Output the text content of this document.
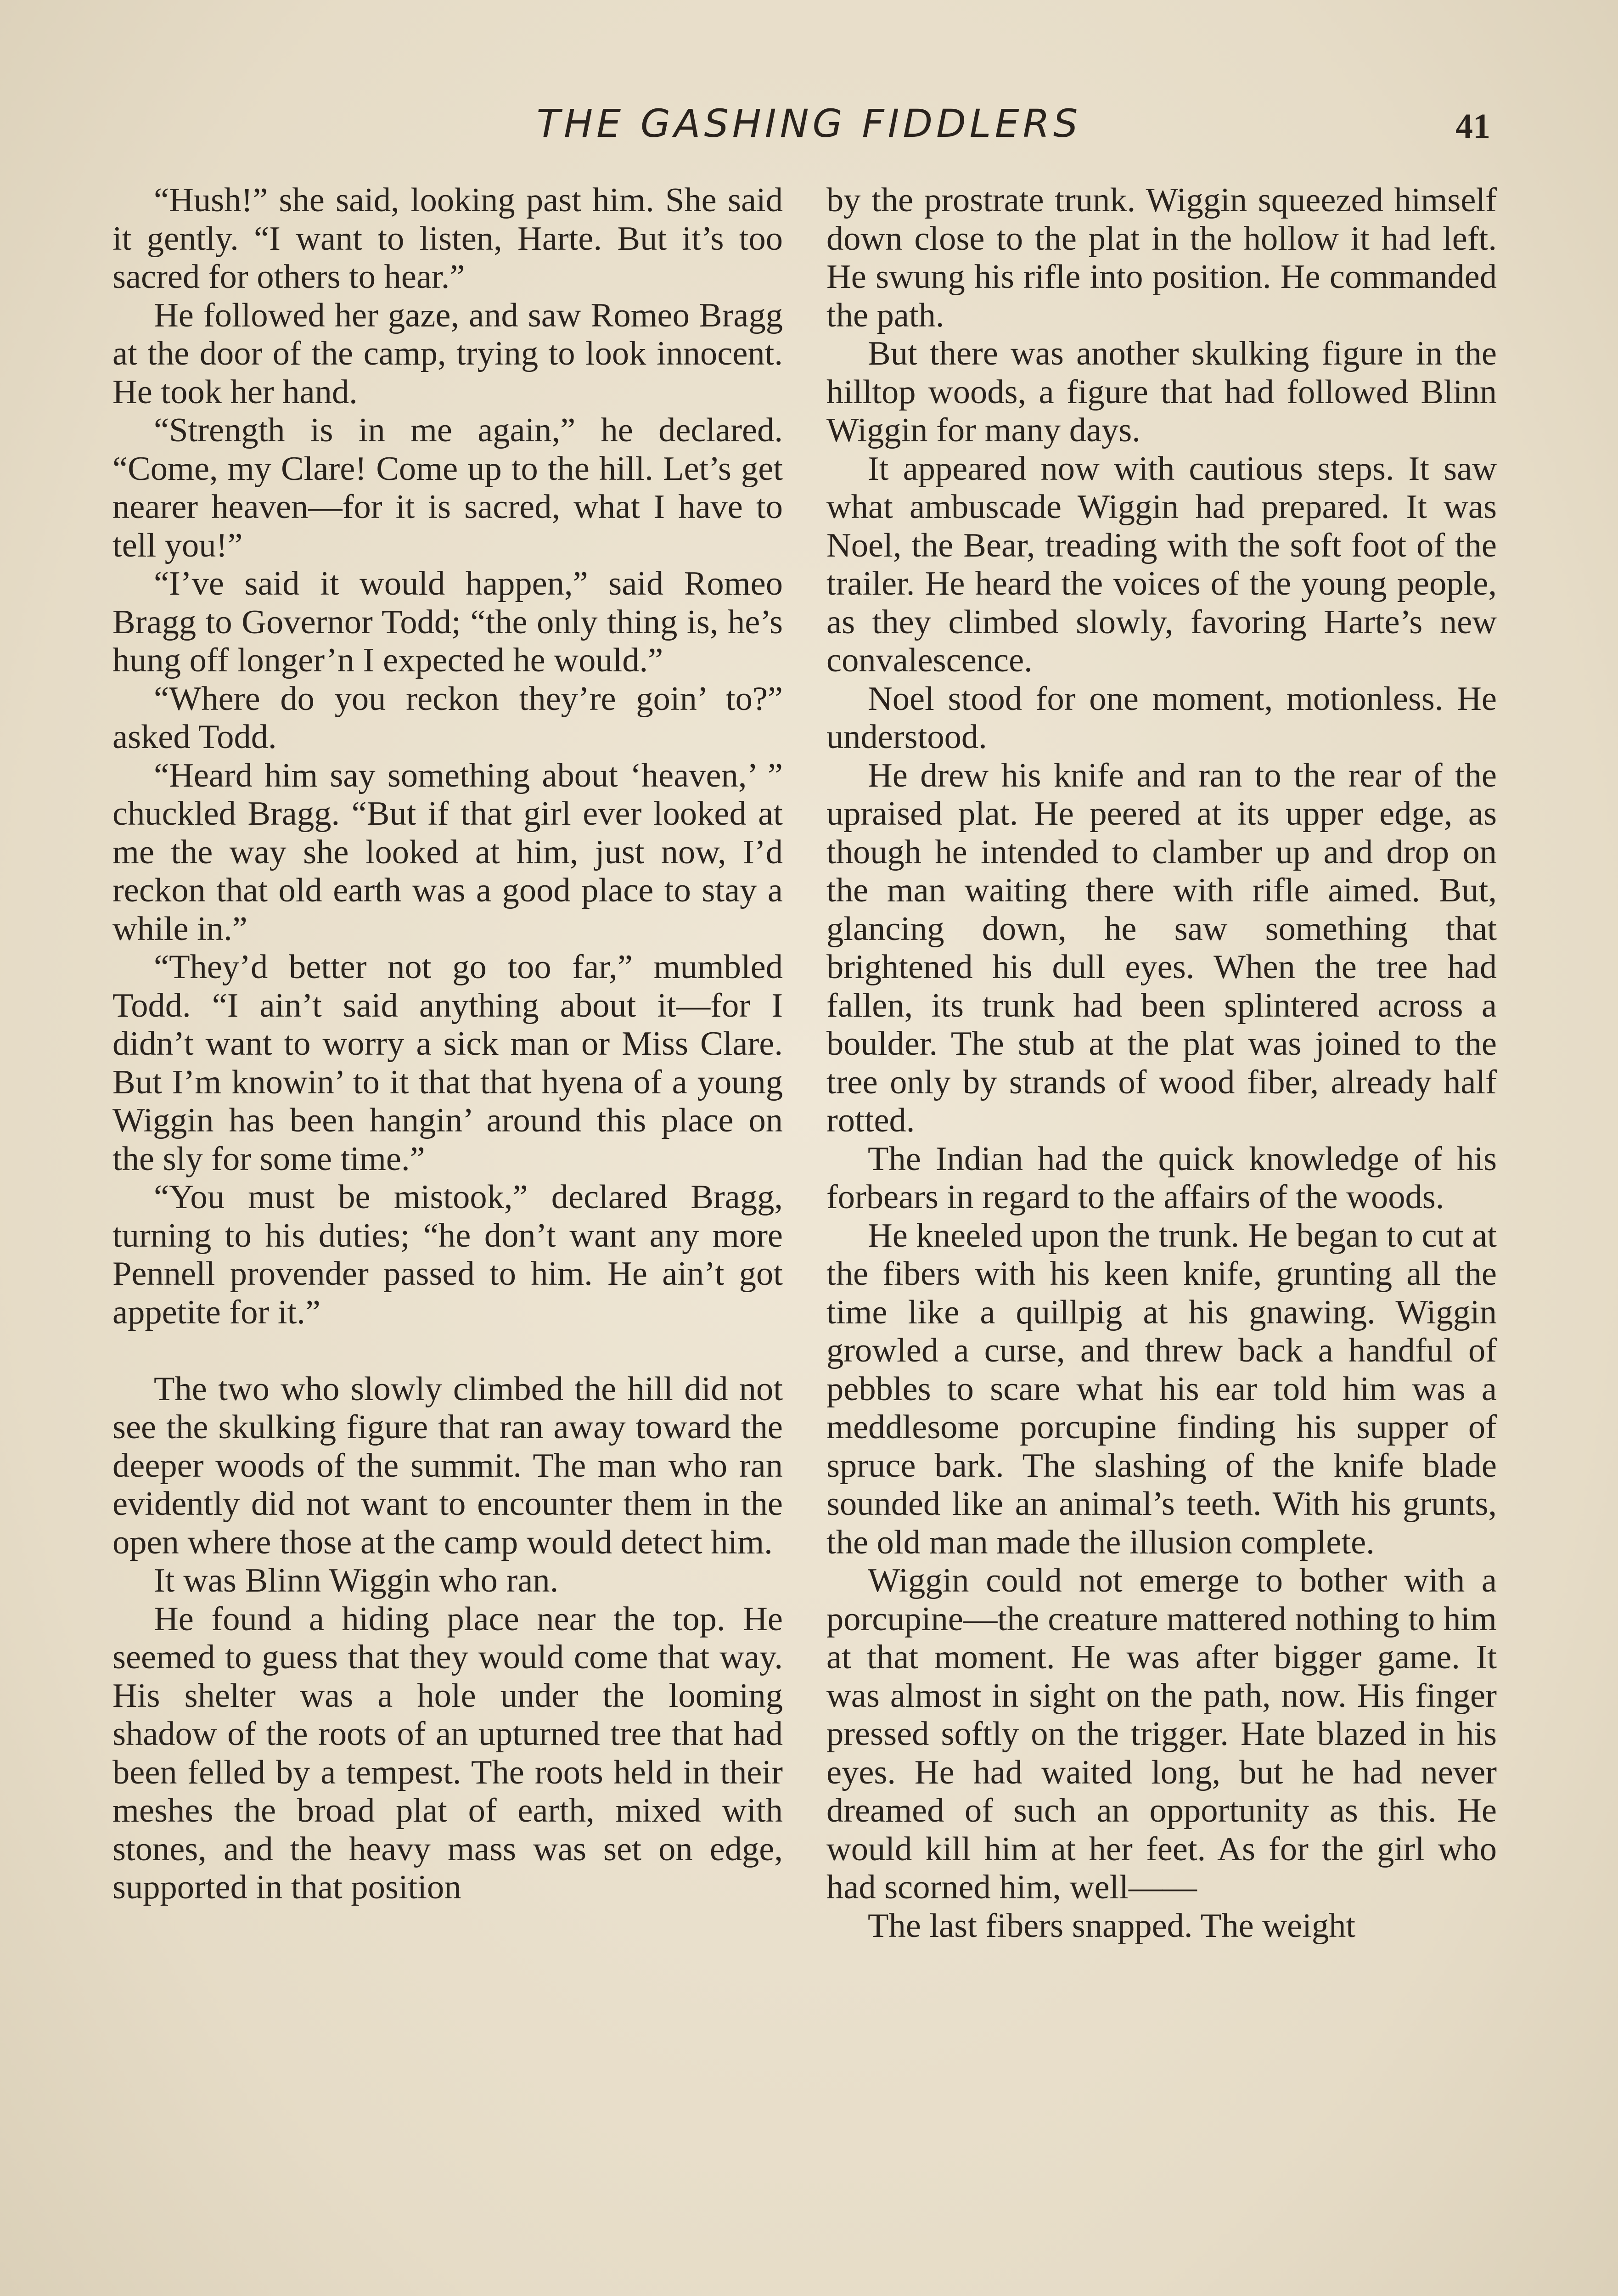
THE GASHING FIDDLERS	41

“Hush!” she said, looking past him. She said it gently. “I want to listen, Harte. But it’s too sacred for others to hear.”

He followed her gaze, and saw Romeo Bragg at the door of the camp, trying to look innocent. He took her hand.

“Strength is in me again,” he declared. “Come, my Clare! Come up to the hill. Let’s get nearer heaven—for it is sacred, what I have to tell you!”

“I’ve said it would happen,” said Romeo Bragg to Governor Todd; “the only thing is, he’s hung off longer’n I expected he would.”

“Where do you reckon they’re goin’ to?” asked Todd.

“Heard him say something about ‘heaven,’ ” chuckled Bragg. “But if that girl ever looked at me the way she looked at him, just now, I’d reckon that old earth was a good place to stay a while in.”

“They’d better not go too far,” mumbled Todd. “I ain’t said anything about it—for I didn’t want to worry a sick man or Miss Clare. But I’m knowin’ to it that that hyena of a young Wiggin has been hangin’ around this place on the sly for some time.”

“You must be mistook,” declared Bragg, turning to his duties; “he don’t want any more Pennell provender passed to him. He ain’t got appetite for it.”

The two who slowly climbed the hill did not see the skulking figure that ran away toward the deeper woods of the summit. The man who ran evidently did not want to encounter them in the open where those at the camp would detect him.

It was Blinn Wiggin who ran.

He found a hiding place near the top. He seemed to guess that they would come that way. His shelter was a hole under the looming shadow of the roots of an upturned tree that had been felled by a tempest. The roots held in their meshes the broad plat of earth, mixed with stones, and the heavy mass was set on edge, supported in that position

by the prostrate trunk. Wiggin squeezed himself down close to the plat in the hollow it had left. He swung his rifle into position. He commanded the path.

But there was another skulking figure in the hilltop woods, a figure that had followed Blinn Wiggin for many days.

It appeared now with cautious steps. It saw what ambuscade Wiggin had prepared. It was Noel, the Bear, treading with the soft foot of the trailer. He heard the voices of the young people, as they climbed slowly, favoring Harte’s new convalescence.

Noel stood for one moment, motionless. He understood.

He drew his knife and ran to the rear of the upraised plat. He peered at its upper edge, as though he intended to clamber up and drop on the man waiting there with rifle aimed. But, glancing down, he saw something that brightened his dull eyes. When the tree had fallen, its trunk had been splintered across a boulder. The stub at the plat was joined to the tree only by strands of wood fiber, already half rotted.

The Indian had the quick knowledge of his forbears in regard to the affairs of the woods.

He kneeled upon the trunk. He began to cut at the fibers with his keen knife, grunting all the time like a quillpig at his gnawing. Wiggin growled a curse, and threw back a handful of pebbles to scare what his ear told him was a meddlesome porcupine finding his supper of spruce bark. The slashing of the knife blade sounded like an animal’s teeth. With his grunts, the old man made the illusion complete.

Wiggin could not emerge to bother with a porcupine—the creature mattered nothing to him at that moment. He was after bigger game. It was almost in sight on the path, now. His finger pressed softly on the trigger. Hate blazed in his eyes. He had waited long, but he had never dreamed of such an opportunity as this. He would kill him at her feet. As for the girl who had scorned him, well——

The last fibers snapped. The weight
